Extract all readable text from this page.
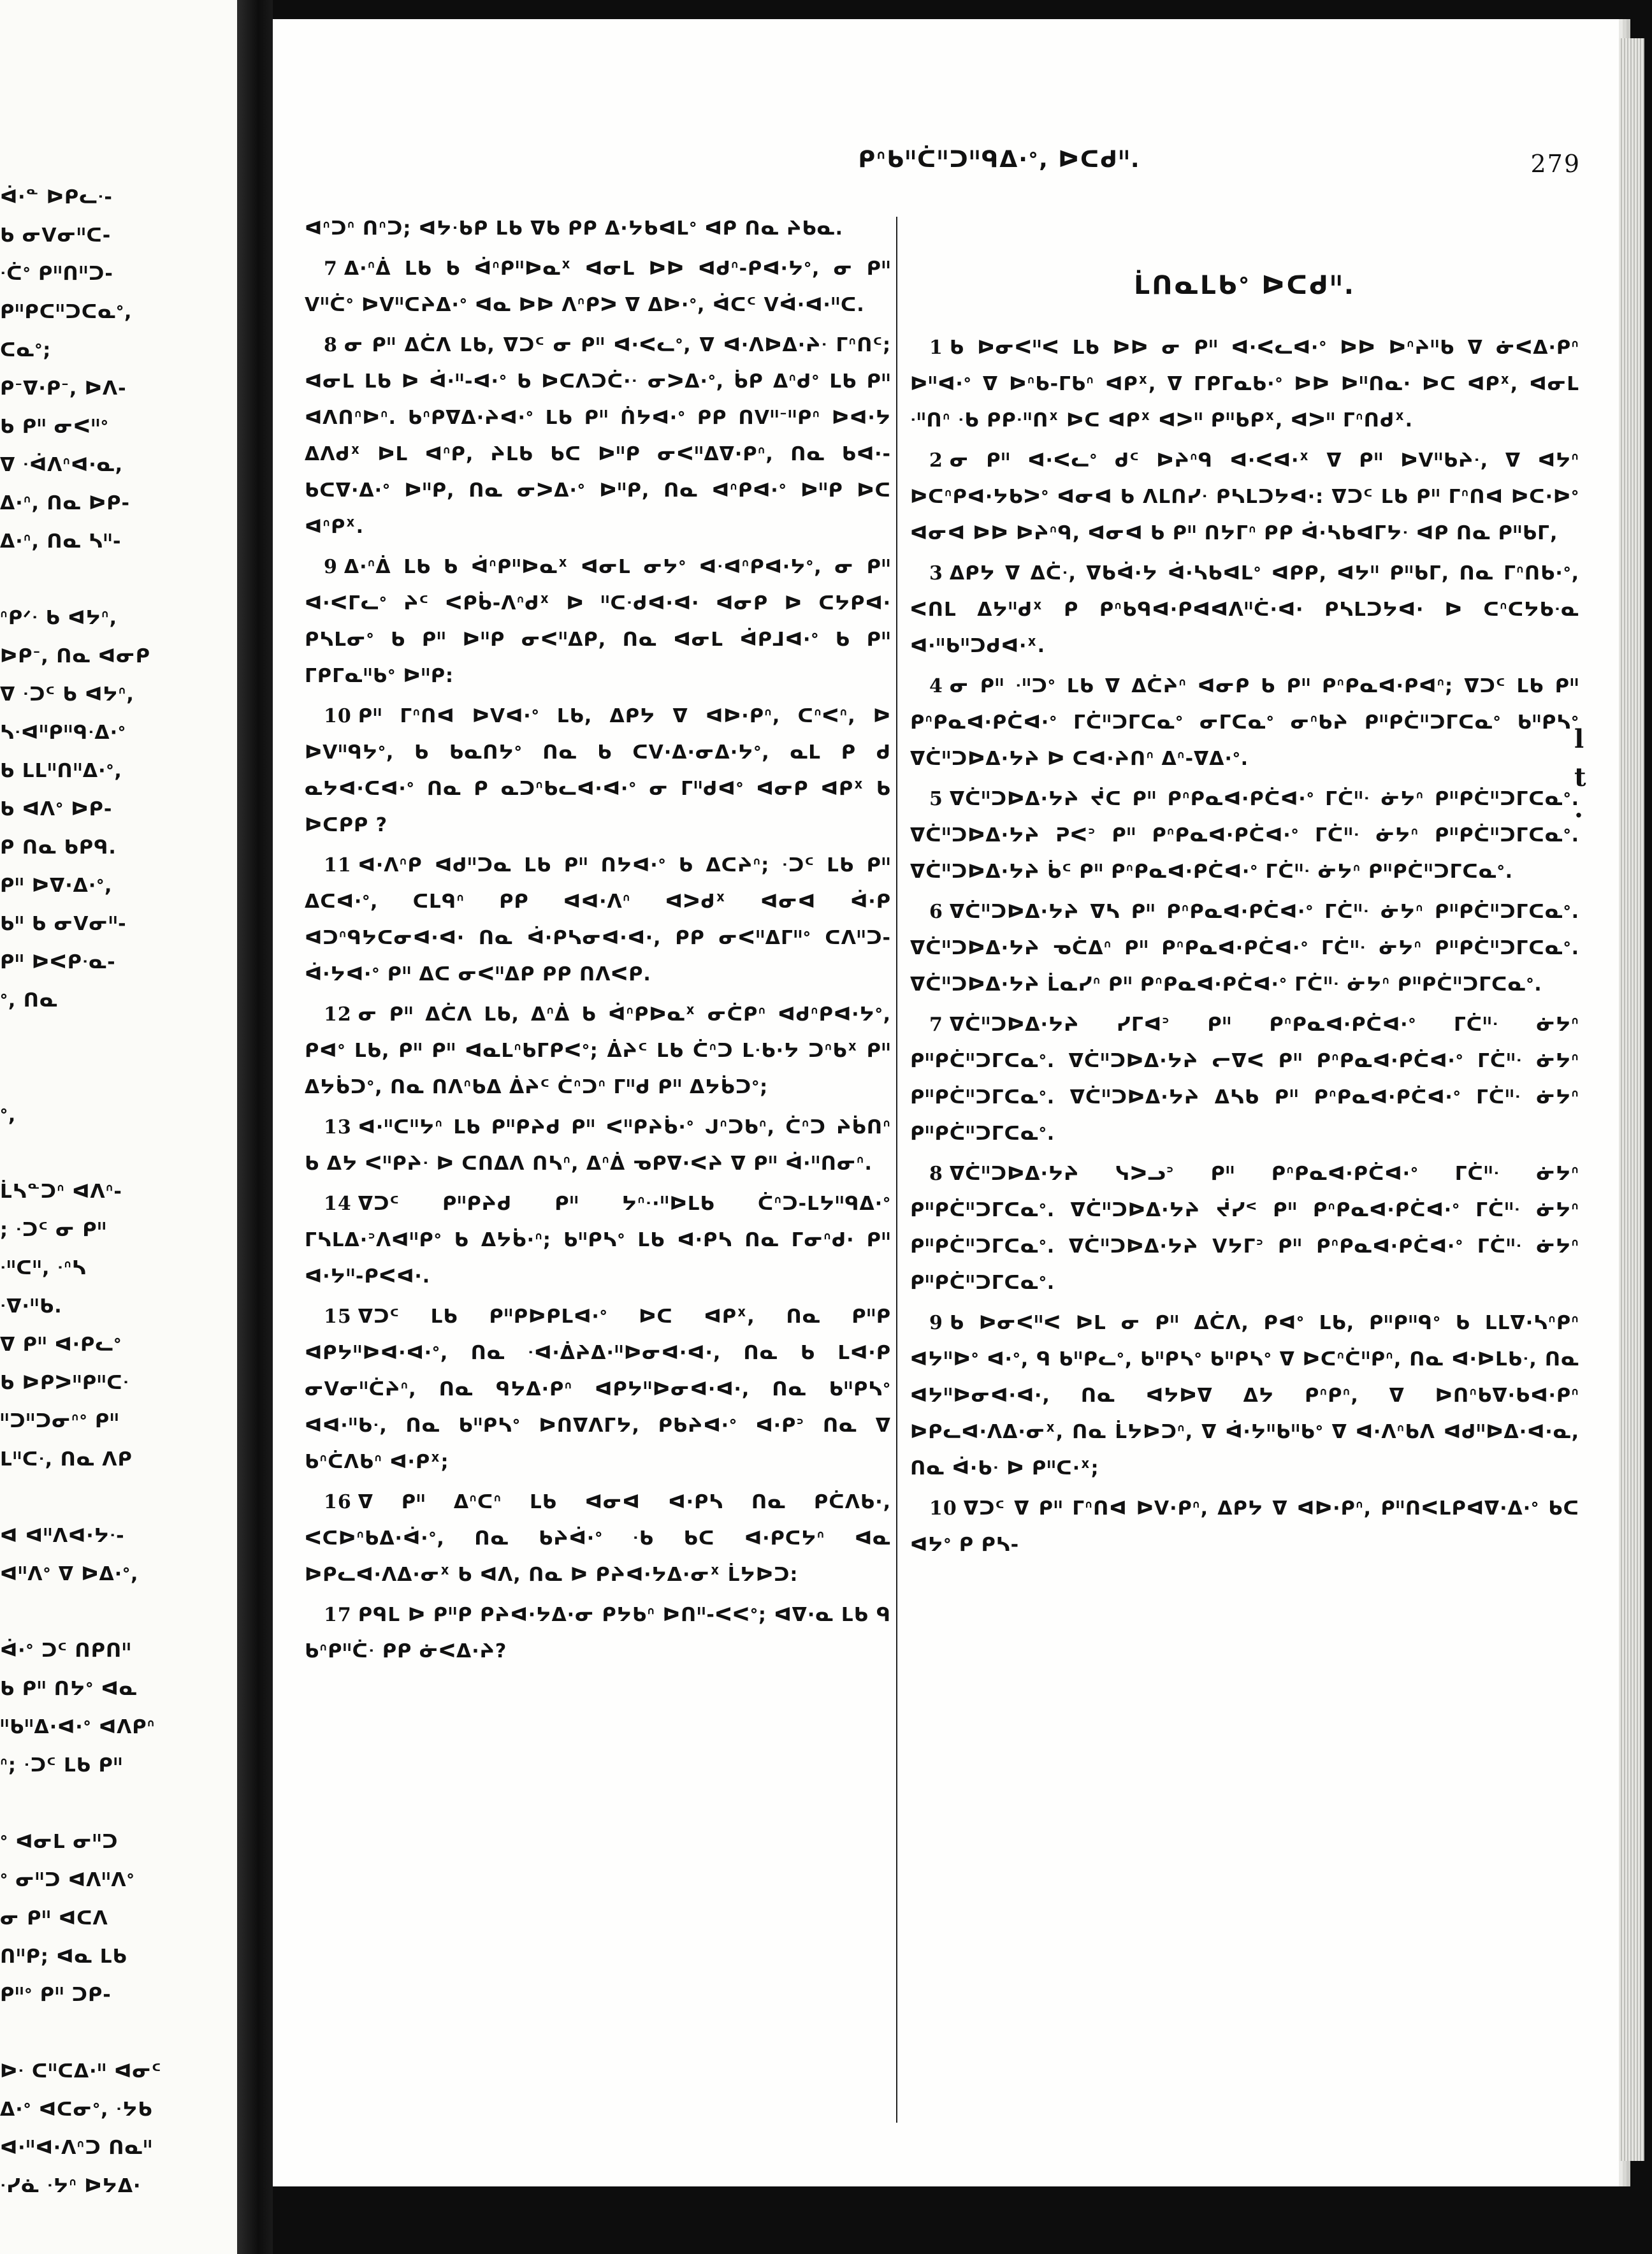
ᐋ·ᓐ ᐅᑭᓚᐧ-
ᑲ ᓂᐯᓂᐦᑕ-
ᐧᑖᐤ ᑭᐦᑎᐦᑐ-
ᑭᐦᑭᑕᐦᑐᑕᓇᐤ,
ᑕᓇᐤ;
ᑭᐨᐁ·ᑭᐨ, ᐅᐱ-
ᑲ ᑭᐦ ᓂᐸᐦᐤ
ᐁ ᐧᐋᐱᐢᐊ·ᓇ,
ᐃ·ᐢ, ᑎᓇ ᐅᑭ-
ᐃ·ᐢ, ᑎᓇ ᓴᐦ-
ᐢᑭᐟᐧ ᑲ ᐊᔭᐢ,
ᐅᑭᐨ, ᑎᓇ ᐊᓂᑭ
ᐁ ᐧᑐᑦ ᑲ ᐊᔭᐢ,
ᓴᐧᐊᐦᑭᐦᑫᐧᐃ·ᐤ
ᑲ ᒪᒪᐦᑎᐦᐃ·ᐤ,
ᑲ ᐊᐱᐤ ᐅᑭ-
ᑭ ᑎᓇ ᑲᑭᑫ.
ᑭᐦ ᐅᐁ·ᐃ·ᐤ,
ᑲᐦ ᑲ ᓂᐯᓂᐦ-
ᑭᐦ ᐅᐸᑭᐧᓇ-
ᐤ, ᑎᓇ
ᐤ,
ᒫᓴᓐᑐᐢ ᐊᐱᐢ-
; ᐧᑐᑦ ᓂ ᑭᐦ
ᐧᐦᑕᐦ, ᐧᐢᓴ
ᐧᐁ·ᐦᑲ.
ᐁ ᑭᐦ ᐊ·ᑭᓚᐤ
ᑲ ᐅᑭᐳᐦᑭᐦᑕᐧ
ᐦᑐᐦᑐᓂᐢᐤ ᑭᐦ
ᒪᐦᑕᐧ, ᑎᓇ ᐱᑭ
ᐊ ᐊᐦᐱᐊ·ᔭᐧ-
ᐊᐦᐱᐤ ᐁ ᐅᐃ·ᐤ,
ᐋ·ᐤ ᑐᑦ ᑎᑭᑎᐦ
ᑲ ᑭᐦ ᑎᔭᐤ ᐊᓇ
ᐦᑲᐦᐃ·ᐊ·ᐤ ᐊᐱᑭᐢ
ᐢ; ᐧᑐᑦ ᒪᑲ ᑭᐦ
ᐤ ᐊᓂᒪ ᓂᐦᑐ
ᐤ ᓂᐦᑐ ᐊᐱᐦᐱᐤ
ᓂ ᑭᐦ ᐊᑕᐱ
ᑎᐦᑭ; ᐊᓇ ᒪᑲ
ᑭᐦᐤ ᑭᐦ ᑐᑭ-
ᐅᐧ ᑕᐦᑕᐃ·ᐦ ᐊᓂᑦ
ᐃ·ᐤ ᐊᑕᓂᐤ, ᐧᔭᑲ
ᐊ·ᐦᐊ·ᐱᐢᑐ ᑎᓇᐦ
ᐧᓯᓈ ᐧᔭᐢ ᐅᔭᐃ·
ᑭᐢᑲᐦᑖᐦᑐᐦᑫᐃ·ᐤ, ᐅᑕᑯᐦ.	279

ᐊᐢᑐᐢ ᑎᐢᑐ; ᐊᔭᐧᑲᑭ ᒪᑲ ᐁᑲ ᑭᑭ ᐃ·ᔭᑲᐊᒪᐤ ᐊᑭ ᑎᓇ ᔨᑲᓇ.

7 ᐃ·ᐢᐄ ᒪᑲ ᑲ ᐋᐢᑭᐦᐅᓇᕽ ᐊᓂᒪ ᐅᐅ ᐊᑯᐢ-ᑭᐊ·ᔭᐤ, ᓂ ᑭᐦ ᐯᐦᑖᐤ ᐅᐯᐦᑕᔨᐃ·ᐤ ᐊᓇ ᐅᐅ ᐱᐢᑭᐳ ᐁ ᐃᐅ·ᐤ, ᐋᑕᑦ ᐯᐋ·ᐊ·ᐦᑕ.

8 ᓂ ᑭᐦ ᐃᑖᐱ ᒪᑲ, ᐁᑐᑦ ᓂ ᑭᐦ ᐊ·ᐸᓚᐤ, ᐁ ᐊ·ᐱᐅᐃ·ᔨᐧ ᒥᐢᑎᑦ; ᐊᓂᒪ ᒪᑲ ᐅ ᐋ·ᐦ-ᐊ·ᐤ ᑲ ᐅᑕᐱᑐᑖ·ᐧ ᓂᐳᐃ·ᐤ, ᑳᑭ ᐃᐢᑯᐤ ᒪᑲ ᑭᐦ ᐊᐱᑎᐢᐅᐢ. ᑲᐢᑭᐁᐃ·ᔨᐊ·ᐤ ᒪᑲ ᑭᐦ ᑏᔭᐊ·ᐤ ᑭᑭ ᑎᐯᐦᐨᐦᑭᐢ ᐅᐊ·ᔭ ᐃᐱᑯᕽ ᐅᒪ ᐊᐢᑭ, ᔨᒪᑲ ᑲᑕ ᐅᐦᑭ ᓂᐸᐦᐃᐁ·ᑭᐢ, ᑎᓇ ᑲᐊ·-ᑲᑕᐁ·ᐃ·ᐤ ᐅᐦᑭ, ᑎᓇ ᓂᐳᐃ·ᐤ ᐅᐦᑭ, ᑎᓇ ᐊᐢᑭᐊ·ᐤ ᐅᐦᑭ ᐅᑕ ᐊᐢᑭᕽ.

9 ᐃ·ᐢᐄ ᒪᑲ ᑲ ᐋᐢᑭᐦᐅᓇᕽ ᐊᓂᒪ ᓂᔭᐤ ᐊᐧᐊᐢᑭᐊ·ᔭᐤ, ᓂ ᑭᐦ ᐊ·ᐸᒥᓚᐤ ᔨᑦ ᐸᑭᑳ-ᐱᐢᑯᕽ ᐅ ᐦᑕᐧᑯᐊ·ᐊ· ᐊᓂᑭ ᐅ ᑕᔭᑭᐊ· ᑭᓴᒪᓂᐤ ᑲ ᑭᐦ ᐅᐦᑭ ᓂᐸᐦᐃᑭ, ᑎᓇ ᐊᓂᒪ ᐋᑭᒧᐊ·ᐤ ᑲ ᑭᐦ ᒥᑭᒥᓇᐦᑲᐤ ᐅᐦᑭ:

10 ᑭᐦ ᒥᐢᑎᐊ ᐅᐯᐊ·ᐤ ᒪᑲ, ᐃᑭᔭ ᐁ ᐊᐅ·ᑭᐢ, ᑕᐢᐸᐢ, ᐅ ᐅᐯᐦᑫᔭᐤ, ᑲ ᑲᓇᑎᔭᐤ ᑎᓇ ᑲ ᑕᐯ·ᐃ·ᓂᐃ·ᔭᐤ, ᓇᒪ ᑭ ᑯ ᓇᔭᐊ·ᑕᐊ·ᐤ ᑎᓇ ᑭ ᓇᑐᐢᑲᓚᐊ·ᐊ·ᐤ ᓂ ᒥᐦᑯᐊᐤ ᐊᓂᑭ ᐊᑭᕽ ᑲ ᐅᑕᑭᑭ ?

11 ᐊ·ᐱᐢᑭ ᐊᑯᐦᑐᓇ ᒪᑲ ᑭᐦ ᑎᔭᐊ·ᐤ ᑲ ᐃᑕᔨᐢ; ᐧᑐᑦ ᒪᑲ ᑭᐦ ᐃᑕᐊ·ᐤ, ᑕᒪᑫᐢ ᑭᑭ ᐊᐊ·ᐱᐢ ᐊᐳᑯᕽ ᐊᓂᐊ ᐋ·ᑭ ᐊᑐᐢᑫᔭᑕᓂᐊ·ᐊ· ᑎᓇ ᐋ·ᑭᓴᓂᐊ·ᐊ·, ᑭᑭ ᓂᐸᐦᐃᒥᐦᐤ ᑕᐱᐦᑐ-ᐋ·ᔭᐊ·ᐤ ᑭᐦ ᐃᑕ ᓂᐸᐦᐃᑭ ᑭᑭ ᑎᐱᐸᑭ.

12 ᓂ ᑭᐦ ᐃᑖᐱ ᒪᑲ, ᐃᐢᐄ ᑲ ᐋᐢᑭᐅᓇᕽ ᓂᑖᑭᐢ ᐊᑯᐢᑭᐊ·ᔭᐤ, ᑭᐊᐤ ᒪᑲ, ᑭᐦ ᑭᐦ ᐊᓇᒪᐢᑲᒥᑭᐸᐤ; ᐄᔨᑦ ᒪᑲ ᑖᐢᑐ ᒪᐧᑲ·ᔭ ᑐᐢᑲᕽ ᑭᐦ ᐃᔭᑳᑐᐤ, ᑎᓇ ᑎᐱᐢᑲᐃ ᐄᔨᑦ ᑖᐢᑐᐢ ᒥᐦᑯ ᑭᐦ ᐃᔭᑳᑐᐤ;

13 ᐊ·ᐦᑕᐦᔭᐢ ᒪᑲ ᑭᐦᑭᔨᑯ ᑭᐦ ᐸᐦᑭᔨᑳ·ᐤ ᒍᐢᑐᑲᐢ, ᑖᐢᑐ ᔨᑳᑎᐢ ᑲ ᐃᔭ ᐸᐦᑭᔨᐧ ᐅ ᑕᑎᐃᐱ ᑎᓴᐢ, ᐃᐢᐄ ᓀᑭᐁ·ᐸᔨ ᐁ ᑭᐦ ᐋ·ᐦᑎᓂᐢ.

14 ᐁᑐᑦ ᑭᐦᑭᔨᑯ ᑭᐦ ᔭᐢᐧ·ᐦᐅᒪᑲ ᑖᐢᑐ-ᒪᔭᐦᑫᐃ·ᐤ ᒥᓴᒪᐃ·ᐣᐱᐊᐦᑭᐤ ᑲ ᐃᔭᑳ·ᐢ; ᑲᐦᑭᓴᐤ ᒪᑲ ᐊ·ᑭᓴ ᑎᓇ ᒥᓂᐢᑯ· ᑭᐦ ᐊ·ᔭᐦ-ᑭᐸᐊ·.

15 ᐁᑐᑦ ᒪᑲ ᑭᐦᑭᐅᑭᒪᐊ·ᐤ ᐅᑕ ᐊᑭᕽ, ᑎᓇ ᑭᐦᑭ ᐊᑭᔭᐦᐅᐊ·ᐊ·ᐤ, ᑎᓇ ᐧᐊ·ᐄᔨᐃ·ᐦᐅᓂᐊ·ᐊ·, ᑎᓇ ᑲ ᒪᐊ·ᑭ ᓂᐯᓂᐦᑖᔨᐢ, ᑎᓇ ᑫᔭᐃ·ᑭᐢ ᐊᑭᔭᐦᐅᓂᐊ·ᐊ·, ᑎᓇ ᑲᐦᑭᓴᐤ ᐊᐊ·ᐦᑲᐧ, ᑎᓇ ᑲᐦᑭᓴᐤ ᐅᑎᐁᐱᒥᔭ, ᑭᑲᔨᐊ·ᐤ ᐊ·ᑭᐣ ᑎᓇ ᐁ ᑲᐢᑖᐱᑲᐢ ᐊ·ᑭᕽ;

16 ᐁ ᑭᐦ ᐃᐢᑕᐢ ᒪᑲ ᐊᓂᐊ ᐊ·ᑭᓴ ᑎᓇ ᑭᑖᐱᑲ·, ᐸᑕᐅᐢᑲᐃ·ᐋ·ᐤ, ᑎᓇ ᑲᔨᐋ·ᐤ ᐧᑲ ᑲᑕ ᐊ·ᑭᑕᔭᐢ ᐊᓇ ᐅᑭᓚᐊ·ᐱᐃ·ᓂᕽ ᑲ ᐊᐱ, ᑎᓇ ᐅ ᑭᔨᐊ·ᔭᐃ·ᓂᕽ ᒫᔭᐅᑐ:

17 ᑭᑫᒪ ᐅ ᑭᐦᑭ ᑭᔨᐊ·ᔭᐃ·ᓂ ᑭᔭᑲᐢ ᐅᑎᐦ-ᐸᐸᐤ; ᐊᐁ·ᓇ ᒪᑲ ᑫ ᑲᐢᑭᐦᑖᐧ ᑭᑭ ᓃᐸᐃ·ᔨ?

ᒫᑎᓇᒪᑲᐤ ᐅᑕᑯᐦ.

1 ᑲ ᐅᓂᐸᐦᐸ ᒪᑲ ᐅᐅ ᓂ ᑭᐦ ᐊ·ᐸᓚᐊ·ᐤ ᐅᐅ ᐅᐢᔨᐦᑲ ᐁ ᓃᐸᐃ·ᑭᐢ ᐅᐦᐊ·ᐤ ᐁ ᐅᐢᑲ-ᒥᑲᐢ ᐊᑭᕽ, ᐁ ᒥᑭᒥᓇᑲ·ᐤ ᐅᐅ ᐅᐦᑎᓇ· ᐅᑕ ᐊᑭᕽ, ᐊᓂᒪ ᐧᐦᑎᐢ ᐧᑲ ᑭᑭᐧᐦᑎᕽ ᐅᑕ ᐊᑭᕽ ᐊᐳᐦ ᑭᐦᑲᑭᕽ, ᐊᐳᐦ ᒥᐢᑎᑯᕽ.

2 ᓂ ᑭᐦ ᐊ·ᐸᓚᐤ ᑯᑦ ᐅᔨᐢᑫ ᐊ·ᐸᐊ·ᕽ ᐁ ᑭᐦ ᐅᐯᐦᑲᔨᐧ, ᐁ ᐊᔭᐢ ᐅᑕᐢᑭᐊ·ᔭᑲᐳᐤ ᐊᓂᐊ ᑲ ᐱᒪᑎᓯᐧ ᑭᓴᒪᑐᔭᐊ·: ᐁᑐᑦ ᒪᑲ ᑭᐦ ᒥᐢᑎᐊ ᐅᑕ·ᐅᐤ ᐊᓂᐊ ᐅᐅ ᐅᔨᐢᑫ, ᐊᓂᐊ ᑲ ᑭᐦ ᑎᔭᒥᐢ ᑭᑭ ᐋ·ᓴᑲᐊᒥᔭᐧ ᐊᑭ ᑎᓇ ᑭᐦᑲᒥ,

3 ᐃᑭᔭ ᐁ ᐃᑖᐧ, ᐁᑲᐋ·ᔭ ᐋ·ᓴᑲᐊᒪᐤ ᐊᑭᑭ, ᐊᔭᐦ ᑭᐦᑲᒥ, ᑎᓇ ᒥᐢᑎᑲ·ᐤ, ᐸᑎᒪ ᐃᔭᐦᑯᕽ ᑭ ᑭᐢᑲᑫᐊ·ᑭᐊᐊᐱᐦᑖ·ᐊ· ᑭᓴᒪᑐᔭᐊ· ᐅ ᑕᐢᑕᔭᑲᐧᓇ ᐊ·ᐦᑲᐦᑐᑯᐊ·ᕽ.

4 ᓂ ᑭᐦ ᐧᐦᑐᐤ ᒪᑲ ᐁ ᐃᑖᔨᐢ ᐊᓂᑭ ᑲ ᑭᐦ ᑭᐢᑭᓇᐊ·ᑭᐊᐢ; ᐁᑐᑦ ᒪᑲ ᑭᐦ ᑭᐢᑭᓇᐊ·ᑭᑖᐊ·ᐤ ᒥᑖᐦᑐᒥᑕᓇᐤ ᓂᒥᑕᓇᐤ ᓂᐢᑲᔨ ᑭᐦᑭᑖᐦᑐᒥᑕᓇᐤ ᑲᐦᑭᓴᐤ ᐁᑖᐦᑐᐅᐃ·ᔭᔨ ᐅ ᑕᐊ·ᔨᑎᐢ ᐃᐢ-ᐁᐃ·ᐤ.

5 ᐁᑖᐦᑐᐅᐃ·ᔭᔨ ᔫᑕ ᑭᐦ ᑭᐢᑭᓇᐊ·ᑭᑖᐊ·ᐤ ᒥᑖᐦᐧ ᓃᔭᐢ ᑭᐦᑭᑖᐦᑐᒥᑕᓇᐤ. ᐁᑖᐦᑐᐅᐃ·ᔭᔨ ᕈᐸᐣ ᑭᐦ ᑭᐢᑭᓇᐊ·ᑭᑖᐊ·ᐤ ᒥᑖᐦᐧ ᓃᔭᐢ ᑭᐦᑭᑖᐦᑐᒥᑕᓇᐤ. ᐁᑖᐦᑐᐅᐃ·ᔭᔨ ᑳᑦ ᑭᐦ ᑭᐢᑭᓇᐊ·ᑭᑖᐊ·ᐤ ᒥᑖᐦᐧ ᓃᔭᐢ ᑭᐦᑭᑖᐦᑐᒥᑕᓇᐤ.

6 ᐁᑖᐦᑐᐅᐃ·ᔭᔨ ᐁᓴ ᑭᐦ ᑭᐢᑭᓇᐊ·ᑭᑖᐊ·ᐤ ᒥᑖᐦᐧ ᓃᔭᐢ ᑭᐦᑭᑖᐦᑐᒥᑕᓇᐤ. ᐁᑖᐦᑐᐅᐃ·ᔭᔨ ᓀᑖᐃᐢ ᑭᐦ ᑭᐢᑭᓇᐊ·ᑭᑖᐊ·ᐤ ᒥᑖᐦᐧ ᓃᔭᐢ ᑭᐦᑭᑖᐦᑐᒥᑕᓇᐤ. ᐁᑖᐦᑐᐅᐃ·ᔭᔨ ᒫᓇᓯᐢ ᑭᐦ ᑭᐢᑭᓇᐊ·ᑭᑖᐊ·ᐤ ᒥᑖᐦᐧ ᓃᔭᐢ ᑭᐦᑭᑖᐦᑐᒥᑕᓇᐤ.

7 ᐁᑖᐦᑐᐅᐃ·ᔭᔨ ᓯᒥᐊᐣ ᑭᐦ ᑭᐢᑭᓇᐊ·ᑭᑖᐊ·ᐤ ᒥᑖᐦᐧ ᓃᔭᐢ ᑭᐦᑭᑖᐦᑐᒥᑕᓇᐤ. ᐁᑖᐦᑐᐅᐃ·ᔭᔨ ᓕᐁᐸ ᑭᐦ ᑭᐢᑭᓇᐊ·ᑭᑖᐊ·ᐤ ᒥᑖᐦᐧ ᓃᔭᐢ ᑭᐦᑭᑖᐦᑐᒥᑕᓇᐤ. ᐁᑖᐦᑐᐅᐃ·ᔭᔨ ᐃᓴᑲ ᑭᐦ ᑭᐢᑭᓇᐊ·ᑭᑖᐊ·ᐤ ᒥᑖᐦᐧ ᓃᔭᐢ ᑭᐦᑭᑖᐦᑐᒥᑕᓇᐤ.

8 ᐁᑖᐦᑐᐅᐃ·ᔭᔨ ᓭᐳᓗᐣ ᑭᐦ ᑭᐢᑭᓇᐊ·ᑭᑖᐊ·ᐤ ᒥᑖᐦᐧ ᓃᔭᐢ ᑭᐦᑭᑖᐦᑐᒥᑕᓇᐤ. ᐁᑖᐦᑐᐅᐃ·ᔭᔨ ᔫᓯᑉ ᑭᐦ ᑭᐢᑭᓇᐊ·ᑭᑖᐊ·ᐤ ᒥᑖᐦᐧ ᓃᔭᐢ ᑭᐦᑭᑖᐦᑐᒥᑕᓇᐤ. ᐁᑖᐦᑐᐅᐃ·ᔭᔨ ᐯᔭᒥᐣ ᑭᐦ ᑭᐢᑭᓇᐊ·ᑭᑖᐊ·ᐤ ᒥᑖᐦᐧ ᓃᔭᐢ ᑭᐦᑭᑖᐦᑐᒥᑕᓇᐤ.

9 ᑲ ᐅᓂᐸᐦᐸ ᐅᒪ ᓂ ᑭᐦ ᐃᑖᐱ, ᑭᐊᐤ ᒪᑲ, ᑭᐦᑭᐦᑫᐤ ᑲ ᒪᒪᐁ·ᓴᐢᑭᐢ ᐊᔭᐦᐅᐤ ᐊ·ᐤ, ᑫ ᑲᐦᑭᓚᐤ, ᑲᐦᑭᓴᐤ ᑲᐦᑭᓴᐤ ᐁ ᐅᑕᐢᑖᐦᑭᐢ, ᑎᓇ ᐊ·ᐅᒪᑲᐧ, ᑎᓇ ᐊᔭᐦᐅᓂᐊ·ᐊ·, ᑎᓇ ᐊᔭᐅᐁ ᐃᔭ ᑭᐢᑭᐢ, ᐁ ᐅᑎᐢᑲᐁ·ᑲᐊ·ᑭᐢ ᐅᑭᓚᐊ·ᐱᐃ·ᓂᕽ, ᑎᓇ ᒫᔭᐅᑐᐢ, ᐁ ᐋ·ᔭᐦᑲᐦᑲᐤ ᐁ ᐊ·ᐱᐢᑲᐱ ᐊᑯᐦᐅᐃ·ᐊ·ᓇ, ᑎᓇ ᐋ·ᑲᐧ ᐅ ᑭᐦᑕ·ᕽ;

10 ᐁᑐᑦ ᐁ ᑭᐦ ᒥᐢᑎᐊ ᐅᐯ·ᑭᐢ, ᐃᑭᔭ ᐁ ᐊᐅ·ᑭᐢ, ᑭᐦᑎᐸᒪᑭᐊᐁ·ᐃ·ᐤ ᑲᑕ ᐊᔭᐤ ᑭ ᑭᓴ-

l
t
·
